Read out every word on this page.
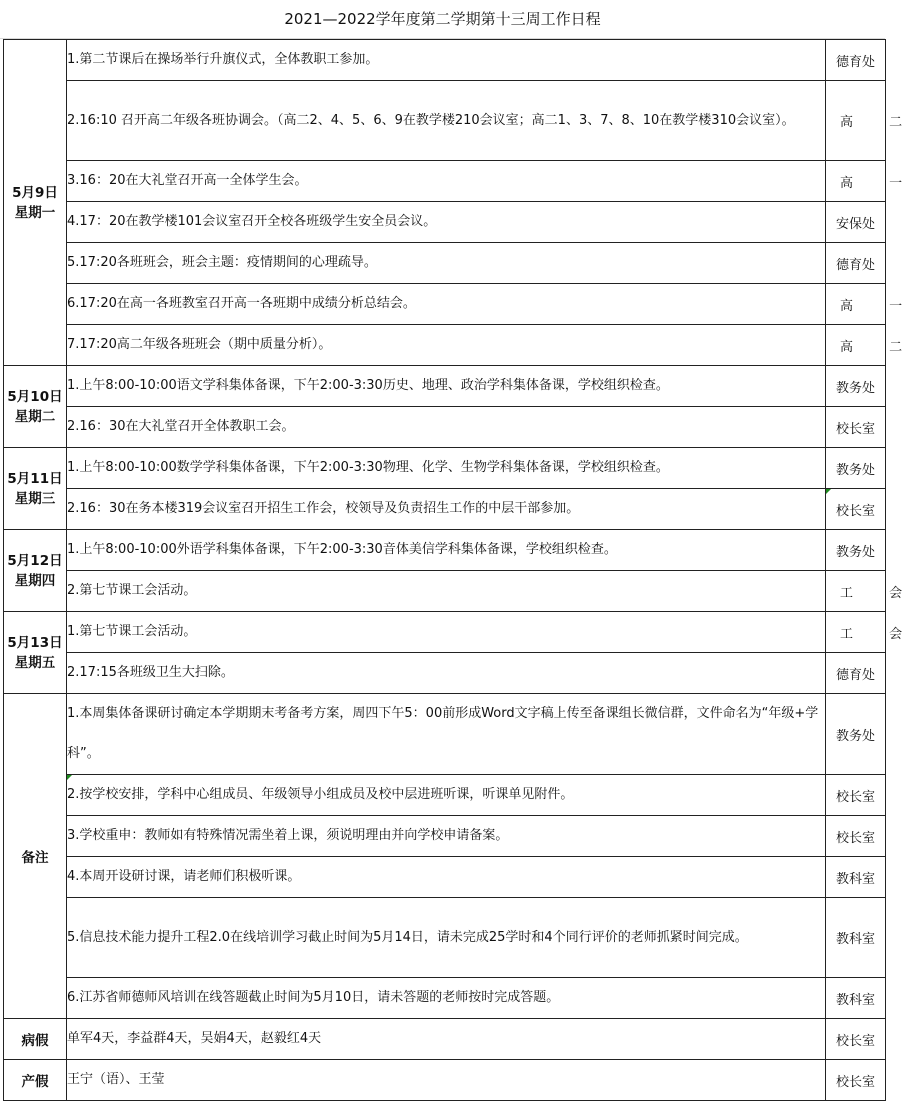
2021—2022学年度第二学期第十三周工作日程
5月9日
星期一	1.第二节课后在操场举行升旗仪式，全体教职工参加。	德育处
	2.16:10 召开高二年级各班协调会。（高二2、4、5、6、9在教学楼210会议室；高二1、3、7、8、10在教学楼310会议室）。	高 二
	3.16：20在大礼堂召开高一全体学生会。	高 一
	4.17：20在教学楼101会议室召开全校各班级学生安全员会议。	安保处
	5.17:20各班班会，班会主题：疫情期间的心理疏导。	德育处
	6.17:20在高一各班教室召开高一各班期中成绩分析总结会。	高 一
	7.17:20高二年级各班班会（期中质量分析）。	高 二

5月10日
星期二	1.上午8:00-10:00语文学科集体备课，下午2:00-3:30历史、地理、政治学科集体备课，学校组织检查。	教务处
	2.16：30在大礼堂召开全体教职工会。	校长室

5月11日
星期三	1.上午8:00-10:00数学学科集体备课，下午2:00-3:30物理、化学、生物学科集体备课，学校组织检查。	教务处
	2.16：30在务本楼319会议室召开招生工作会，校领导及负责招生工作的中层干部参加。	校长室

5月12日
星期四	1.上午8:00-10:00外语学科集体备课，下午2:00-3:30音体美信学科集体备课，学校组织检查。	教务处
	2.第七节课工会活动。	工 会

5月13日
星期五	1.第七节课工会活动。	工 会
	2.17:15各班级卫生大扫除。	德育处
备注	1.本周集体备课研讨确定本学期期末考备考方案，周四下午5：00前形成Word文字稿上传至备课组长微信群，文件命名为“年级+学科”。	教务处
	2.按学校安排，学科中心组成员、年级领导小组成员及校中层进班听课，听课单见附件。	校长室
	3.学校重申：教师如有特殊情况需坐着上课，须说明理由并向学校申请备案。	校长室
	4.本周开设研讨课，请老师们积极听课。	教科室
	5.信息技术能力提升工程2.0在线培训学习截止时间为5月14日，请未完成25学时和4个同行评价的老师抓紧时间完成。	教科室
	6.江苏省师德师风培训在线答题截止时间为5月10日，请未答题的老师按时完成答题。	教科室
病假	单军4天，李益群4天，吴娟4天，赵毅红4天	校长室
产假	王宁（语）、王莹	校长室
